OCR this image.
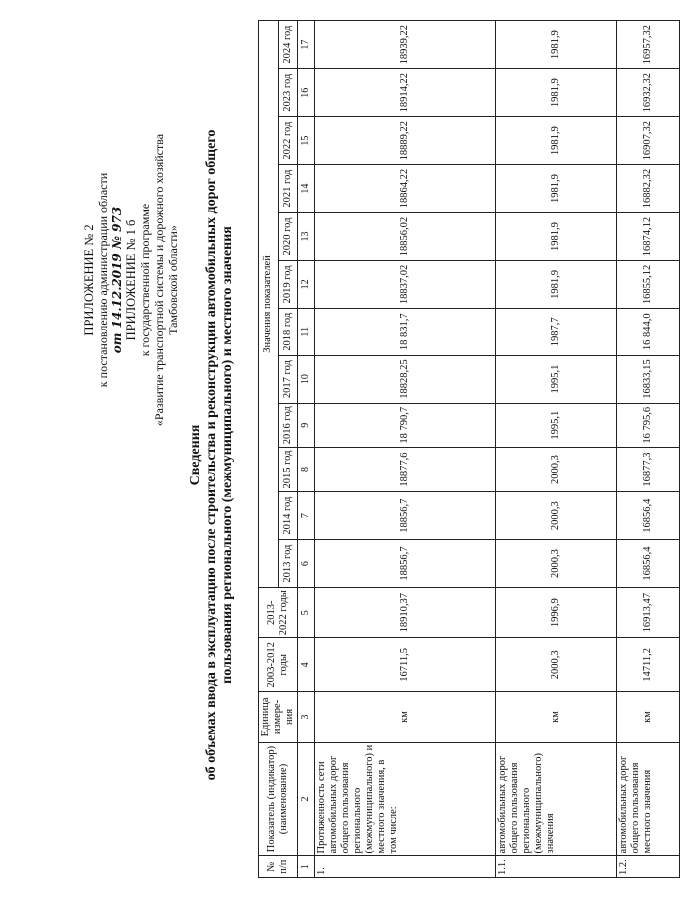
ПРИЛОЖЕНИЕ № 2 к постановлению администрации области от 14.12.2019 № 973 ПРИЛОЖЕНИЕ № 1 б к государственной программе «Развитие транспортной системы и дорожного хозяйства Тамбовской области»
Сведения об объемах ввода в эксплуатацию после строительства и реконструкции автомобильных дорог общего пользования регионального (межмуниципального) и местного значения
№ п/п	Показатель (индикатор) (наименование)	Единица измере-ния	2003-2012 годы	2013-2022 годы	Значения показателей											
					2013 год	2014 год	2015 год	2016 год	2017 год	2018 год	2019 год	2020 год	2021 год	2022 год	2023 год	2024 год
1	2	3	4	5	6	7	8	9	10	11	12	13	14	15	16	17
1.	Протяженность сети автомобильных дорог общего пользования регионального (межмуниципального) и местного значения, в том числе:	км	16711,5	18910,37	18856,7	18856,7	18877,6	18 790,7	18828,25	18 831,7	18837,02	18856,02	18864,22	18889,22	18914,22	18939,22
1.1.	автомобильных дорог общего пользования регионального (межмуниципального) значения	км	2000,3	1996,9	2000,3	2000,3	2000,3	1995,1	1995,1	1987,7	1981,9	1981,9	1981,9	1981,9	1981,9	1981,9
1.2.	автомобильных дорог общего пользования местного значения	км	14711,2	16913,47	16856,4	16856,4	16877,3	16 795,6	16833,15	16 844,0	16855,12	16874,12	16882,32	16907,32	16932,32	16957,32
